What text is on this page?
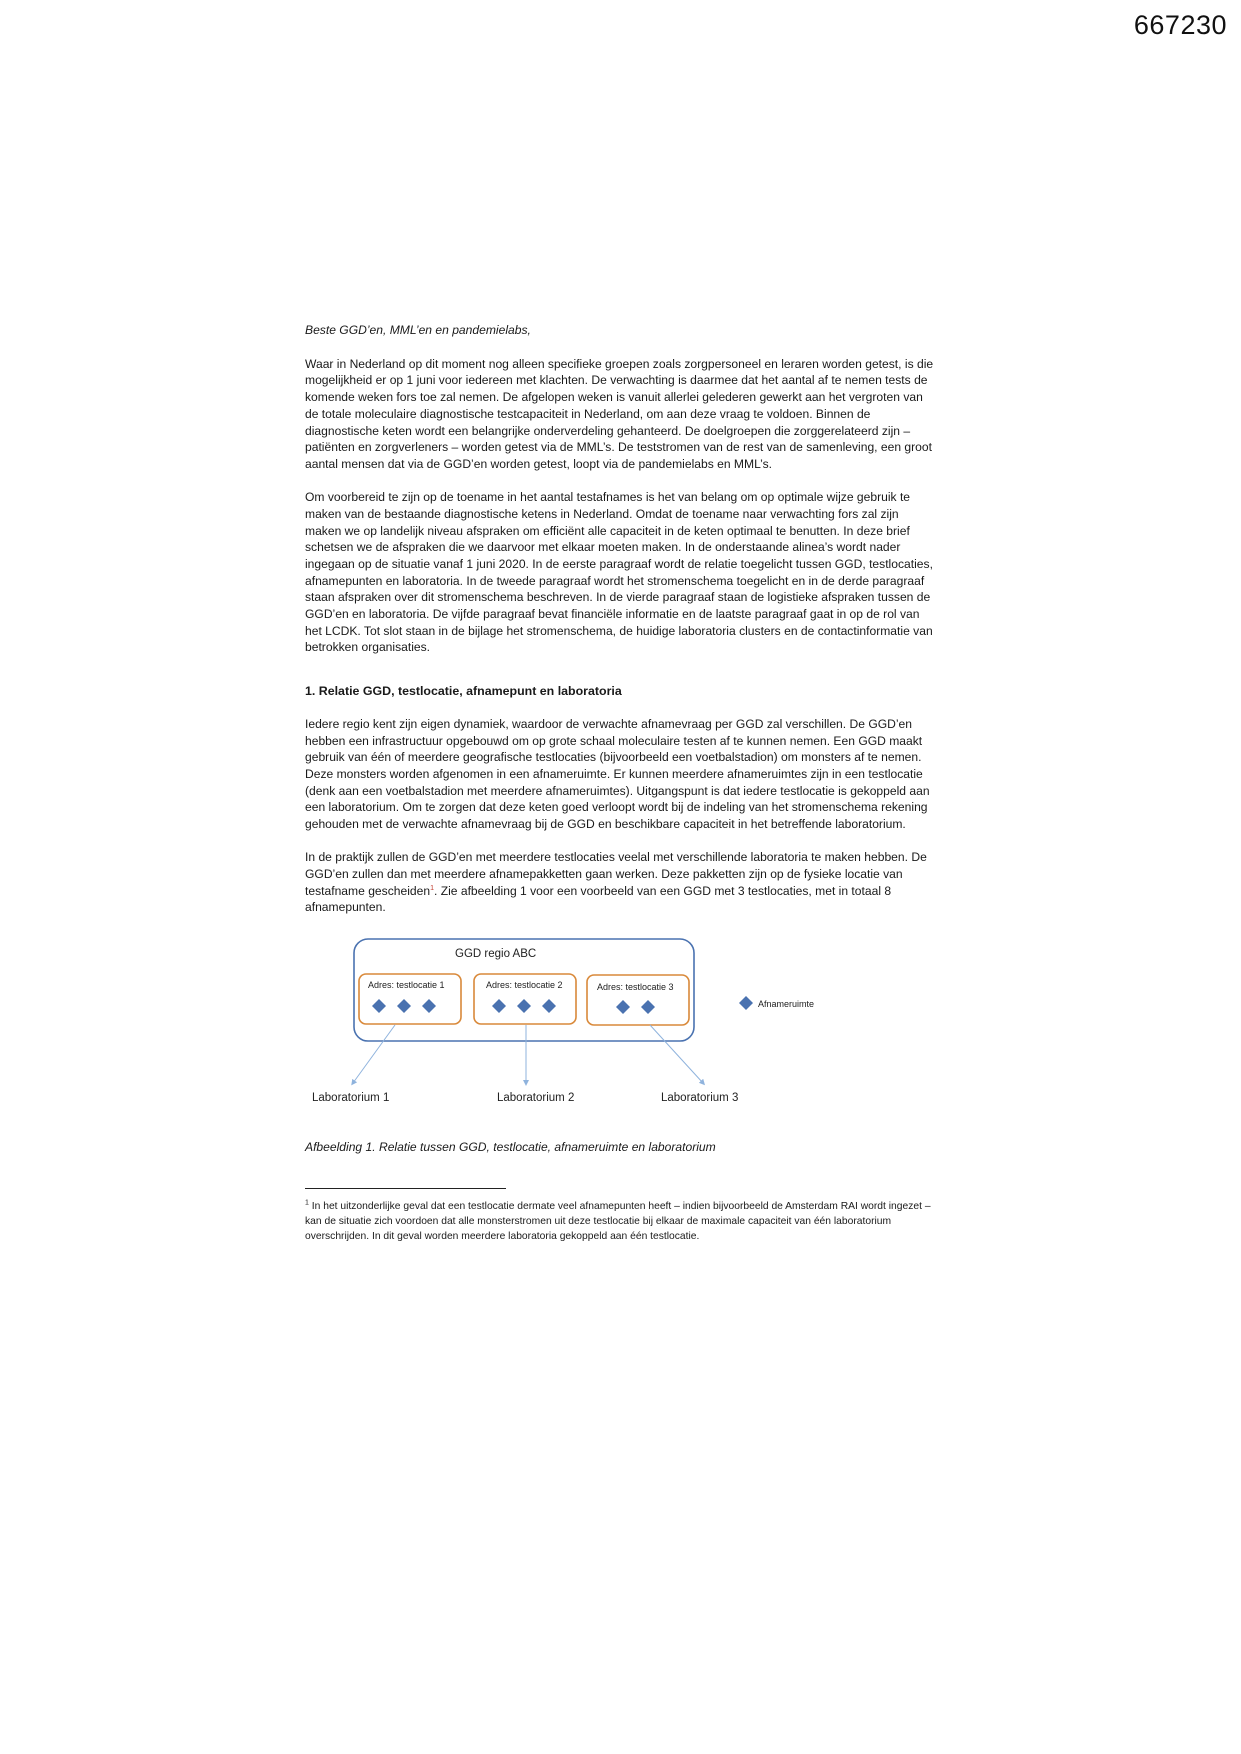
667230
Beste GGD’en, MML’en en pandemielabs,

Waar in Nederland op dit moment nog alleen specifieke groepen zoals zorgpersoneel en leraren worden getest, is die mogelijkheid er op 1 juni voor iedereen met klachten. De verwachting is daarmee dat het aantal af te nemen tests de komende weken fors toe zal nemen. De afgelopen weken is vanuit allerlei gelederen gewerkt aan het vergroten van de totale moleculaire diagnostische testcapaciteit in Nederland, om aan deze vraag te voldoen. Binnen de diagnostische keten wordt een belangrijke onderverdeling gehanteerd. De doelgroepen die zorggerelateerd zijn – patiënten en zorgverleners – worden getest via de MML’s. De teststromen van de rest van de samenleving, een groot aantal mensen dat via de GGD’en worden getest, loopt via de pandemielabs en MML’s.

Om voorbereid te zijn op de toename in het aantal testafnames is het van belang om op optimale wijze gebruik te maken van de bestaande diagnostische ketens in Nederland. Omdat de toename naar verwachting fors zal zijn maken we op landelijk niveau afspraken om efficiënt alle capaciteit in de keten optimaal te benutten. In deze brief schetsen we de afspraken die we daarvoor met elkaar moeten maken. In de onderstaande alinea’s wordt nader ingegaan op de situatie vanaf 1 juni 2020. In de eerste paragraaf wordt de relatie toegelicht tussen GGD, testlocaties, afnamepunten en laboratoria. In de tweede paragraaf wordt het stromenschema toegelicht en in de derde paragraaf staan afspraken over dit stromenschema beschreven. In de vierde paragraaf staan de logistieke afspraken tussen de GGD’en en laboratoria. De vijfde paragraaf bevat financiële informatie en de laatste paragraaf gaat in op de rol van het LCDK. Tot slot staan in de bijlage het stromenschema, de huidige laboratoria clusters en de contactinformatie van betrokken organisaties.

1. Relatie GGD, testlocatie, afnamepunt en laboratoria

Iedere regio kent zijn eigen dynamiek, waardoor de verwachte afnamevraag per GGD zal verschillen. De GGD’en hebben een infrastructuur opgebouwd om op grote schaal moleculaire testen af te kunnen nemen. Een GGD maakt gebruik van één of meerdere geografische testlocaties (bijvoorbeeld een voetbalstadion) om monsters af te nemen. Deze monsters worden afgenomen in een afnameruimte. Er kunnen meerdere afnameruimtes zijn in een testlocatie (denk aan een voetbalstadion met meerdere afnameruimtes). Uitgangspunt is dat iedere testlocatie is gekoppeld aan een laboratorium. Om te zorgen dat deze keten goed verloopt wordt bij de indeling van het stromenschema rekening gehouden met de verwachte afnamevraag bij de GGD en beschikbare capaciteit in het betreffende laboratorium.

In de praktijk zullen de GGD’en met meerdere testlocaties veelal met verschillende laboratoria te maken hebben. De GGD’en zullen dan met meerdere afnamepakketten gaan werken. Deze pakketten zijn op de fysieke locatie van testafname gescheiden$^1$. Zie afbeelding 1 voor een voorbeeld van een GGD met 3 testlocaties, met in totaal 8 afnamepunten.

GGD regio ABC
Adres: testlocatie 1	Adres: testlocatie 2	Adres: testlocatie 3
Afnameruimte
Laboratorium 1	Laboratorium 2	Laboratorium 3
Afbeelding 1. Relatie tussen GGD, testlocatie, afnameruimte en laboratorium

$^1$ In het uitzonderlijke geval dat een testlocatie dermate veel afnamepunten heeft – indien bijvoorbeeld de Amsterdam RAI wordt ingezet – kan de situatie zich voordoen dat alle monsterstromen uit deze testlocatie bij elkaar de maximale capaciteit van één laboratorium overschrijden. In dit geval worden meerdere laboratoria gekoppeld aan één testlocatie.
